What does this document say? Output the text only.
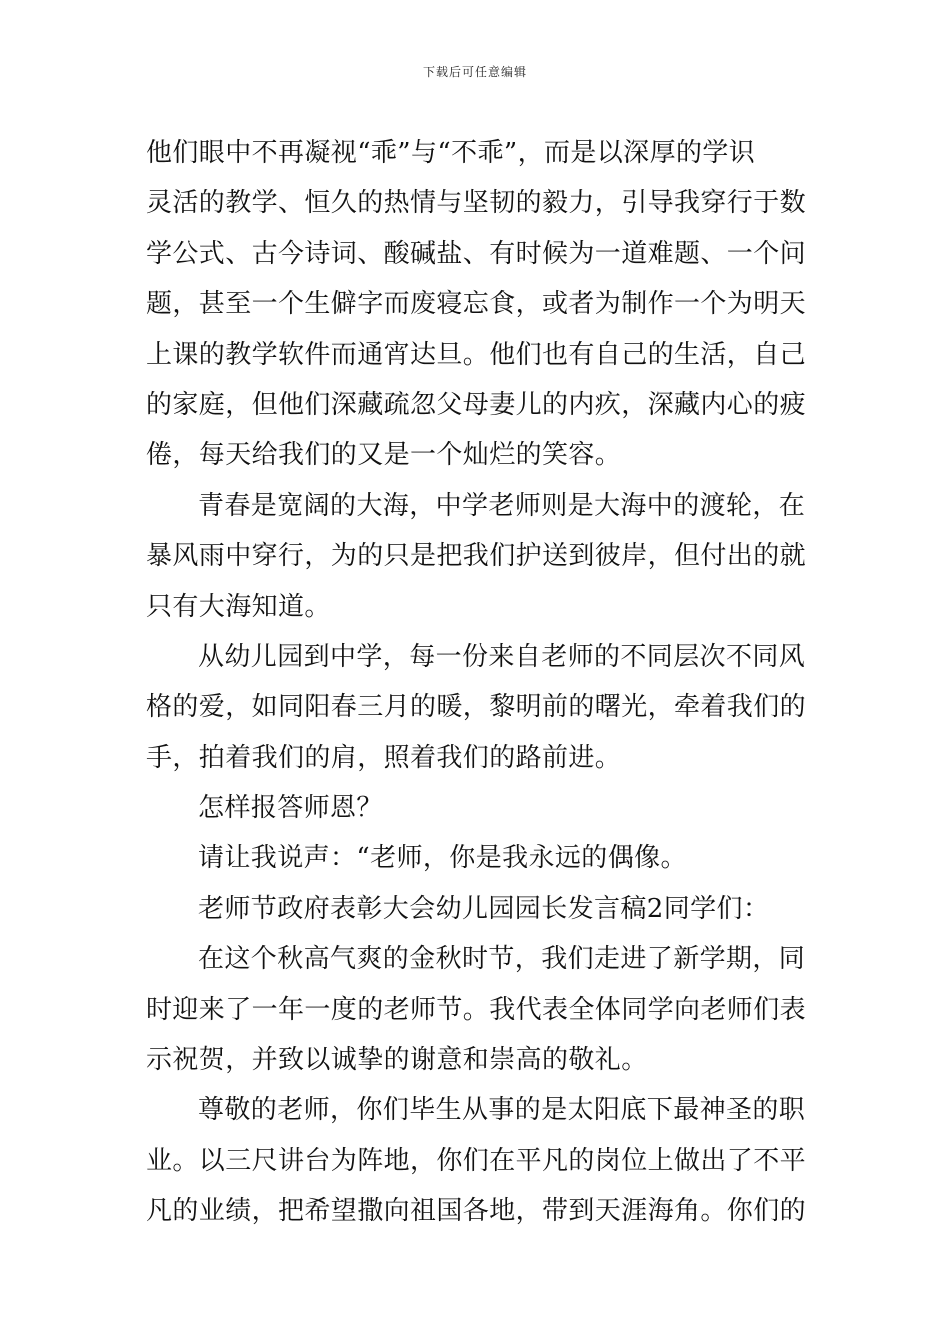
下载后可任意编辑
他们眼中不再凝视“乖”与“不乖”，而是以深厚的学识
灵活的教学、恒久的热情与坚韧的毅力，引导我穿行于数
学公式、古今诗词、酸碱盐、有时候为一道难题、一个问
题，甚至一个生僻字而废寝忘食，或者为制作一个为明天
上课的教学软件而通宵达旦。他们也有自己的生活，自己
的家庭，但他们深藏疏忽父母妻儿的内疚，深藏内心的疲
倦，每天给我们的又是一个灿烂的笑容。
青春是宽阔的大海，中学老师则是大海中的渡轮，在
暴风雨中穿行，为的只是把我们护送到彼岸，但付出的就
只有大海知道。
从幼儿园到中学，每一份来自老师的不同层次不同风
格的爱，如同阳春三月的暖，黎明前的曙光，牵着我们的
手，拍着我们的肩，照着我们的路前进。
怎样报答师恩？
请让我说声：“老师，你是我永远的偶像。
老师节政府表彰大会幼儿园园长发言稿2同学们：
在这个秋高气爽的金秋时节，我们走进了新学期，同
时迎来了一年一度的老师节。我代表全体同学向老师们表
示祝贺，并致以诚挚的谢意和崇高的敬礼。
尊敬的老师，你们毕生从事的是太阳底下最神圣的职
业。以三尺讲台为阵地，你们在平凡的岗位上做出了不平
凡的业绩，把希望撒向祖国各地，带到天涯海角。你们的
